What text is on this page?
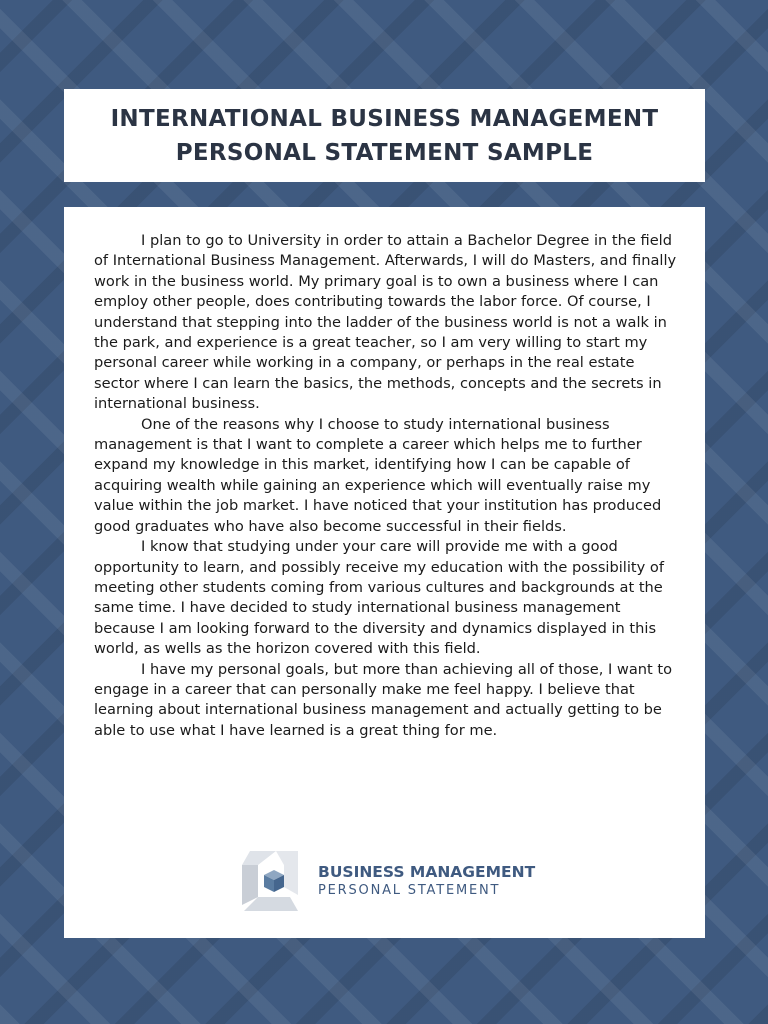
INTERNATIONAL BUSINESS MANAGEMENT
PERSONAL STATEMENT SAMPLE

I plan to go to University in order to attain a Bachelor Degree in the field of International Business Management. Afterwards, I will do Masters, and finally work in the business world. My primary goal is to own a business where I can employ other people, does contributing towards the labor force. Of course, I understand that stepping into the ladder of the business world is not a walk in the park, and experience is a great teacher, so I am very willing to start my personal career while working in a company, or perhaps in the real estate sector where I can learn the basics, the methods, concepts and the secrets in international business.

One of the reasons why I choose to study international business management is that I want to complete a career which helps me to further expand my knowledge in this market, identifying how I can be capable of acquiring wealth while gaining an experience which will eventually raise my value within the job market. I have noticed that your institution has produced good graduates who have also become successful in their fields.

I know that studying under your care will provide me with a good opportunity to learn, and possibly receive my education with the possibility of meeting other students coming from various cultures and backgrounds at the same time. I have decided to study international business management because I am looking forward to the diversity and dynamics displayed in this world, as wells as the horizon covered with this field.

I have my personal goals, but more than achieving all of those, I want to engage in a career that can personally make me feel happy. I believe that learning about international business management and actually getting to be able to use what I have learned is a great thing for me.

BUSINESS MANAGEMENT
PERSONAL STATEMENT
